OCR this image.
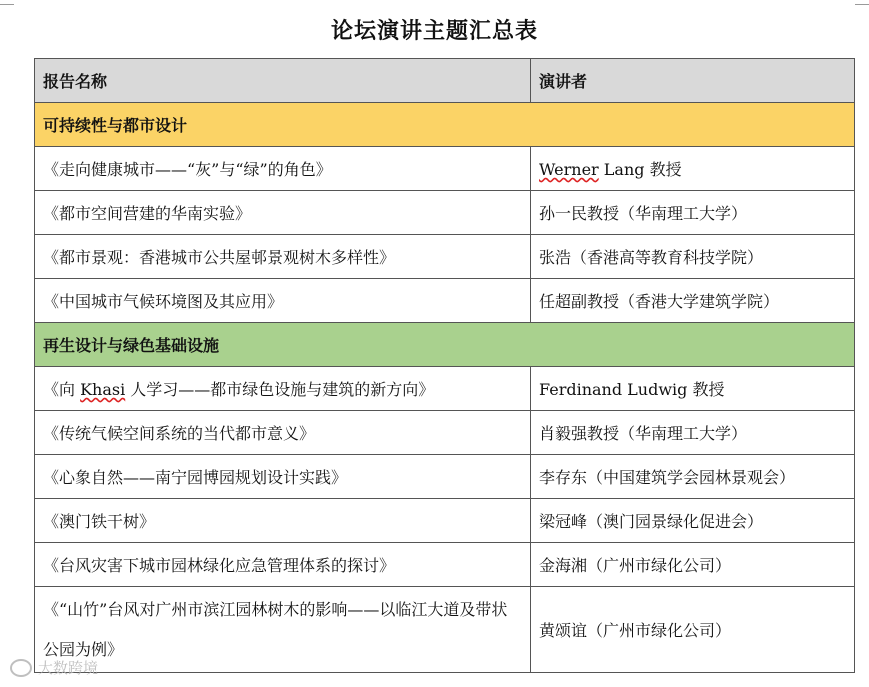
论坛演讲主题汇总表
报告名称	演讲者
可持续性与都市设计	
《走向健康城市——“灰”与“绿”的角色》	Werner Lang 教授
《都市空间营建的华南实验》	孙一民教授（华南理工大学）
《都市景观：香港城市公共屋邨景观树木多样性》	张浩（香港高等教育科技学院）
《中国城市气候环境图及其应用》	任超副教授（香港大学建筑学院）
再生设计与绿色基础设施	
《向 Khasi 人学习——都市绿色设施与建筑的新方向》	Ferdinand Ludwig 教授
《传统气候空间系统的当代都市意义》	肖毅强教授（华南理工大学）
《心象自然——南宁园博园规划设计实践》	李存东（中国建筑学会园林景观会）
《澳门铁干树》	梁冠峰（澳门园景绿化促进会）
《台风灾害下城市园林绿化应急管理体系的探讨》	金海湘（广州市绿化公司）
《“山竹”台风对广州市滨江园林树木的影响——以临江大道及带状公园为例》	黄颂谊（广州市绿化公司）
大数跨境
